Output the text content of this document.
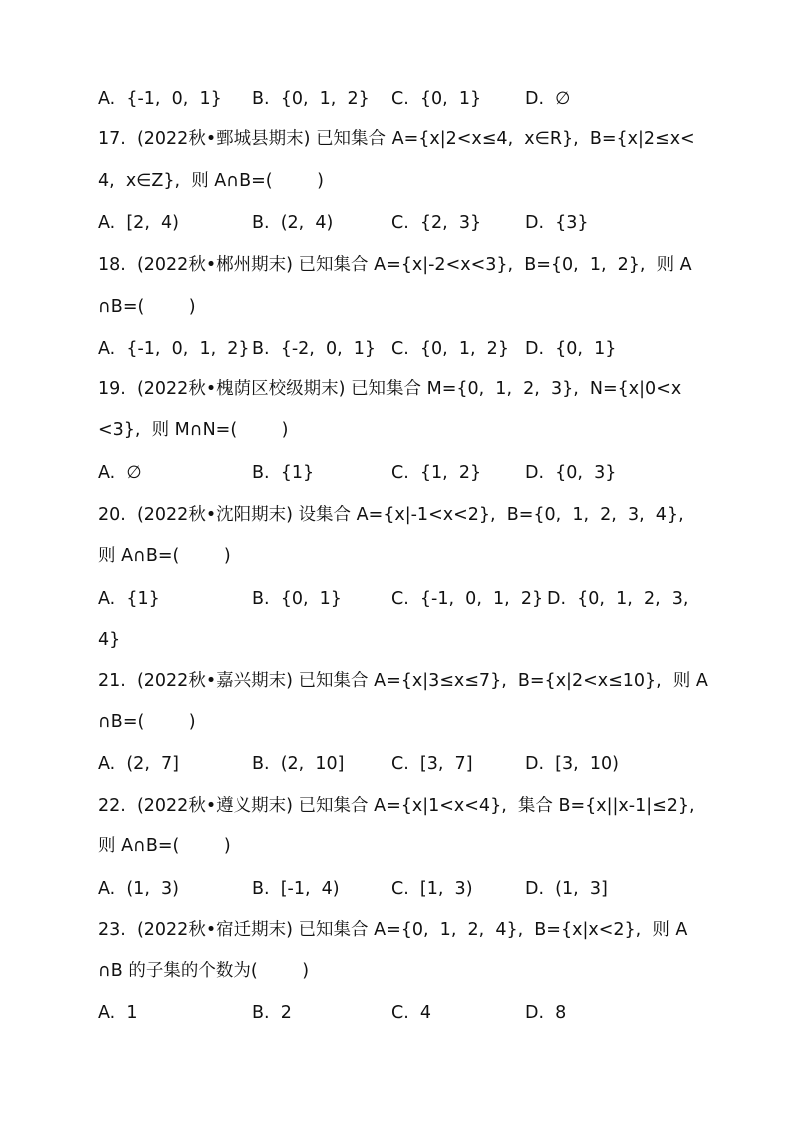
A.  {-1,  0,  1} B.  {0,  1,  2} C.  {0,  1}	D.  ∅
17.  (2022秋•鄄城县期末) 已知集合 A={x|2<x≤4,  x∈R},  B={x|2≤x<
4,  x∈Z},  则 A∩B=(        )
A.  [2,  4)	B.  (2,  4)	C.  {2,  3}	D.  {3}
18.  (2022秋•郴州期末) 已知集合 A={x|-2<x<3},  B={0,  1,  2},  则 A
∩B=(        )
A.  {-1,  0,  1,  2} B.  {-2,  0,  1} C.  {0,  1,  2} D.  {0,  1}
19.  (2022秋•槐荫区校级期末) 已知集合 M={0,  1,  2,  3},  N={x|0<x
<3},  则 M∩N=(        )
A.  ∅	B.  {1}	C.  {1,  2}	D.  {0,  3}
20.  (2022秋•沈阳期末) 设集合 A={x|-1<x<2},  B={0,  1,  2,  3,  4},
则 A∩B=(        )
A.  {1}	B.  {0,  1}	C.  {-1,  0,  1,  2} D.  {0,  1,  2,  3,
4}
21.  (2022秋•嘉兴期末) 已知集合 A={x|3≤x≤7},  B={x|2<x≤10},  则 A
∩B=(        )
A.  (2,  7]	B.  (2,  10]	C.  [3,  7]	D.  [3,  10)
22.  (2022秋•遵义期末) 已知集合 A={x|1<x<4},  集合 B={x||x-1|≤2},
则 A∩B=(        )
A.  (1,  3)	B.  [-1,  4)	C.  [1,  3)	D.  (1,  3]
23.  (2022秋•宿迁期末) 已知集合 A={0,  1,  2,  4},  B={x|x<2},  则 A
∩B 的子集的个数为(        )
A.  1	B.  2	C.  4	D.  8
